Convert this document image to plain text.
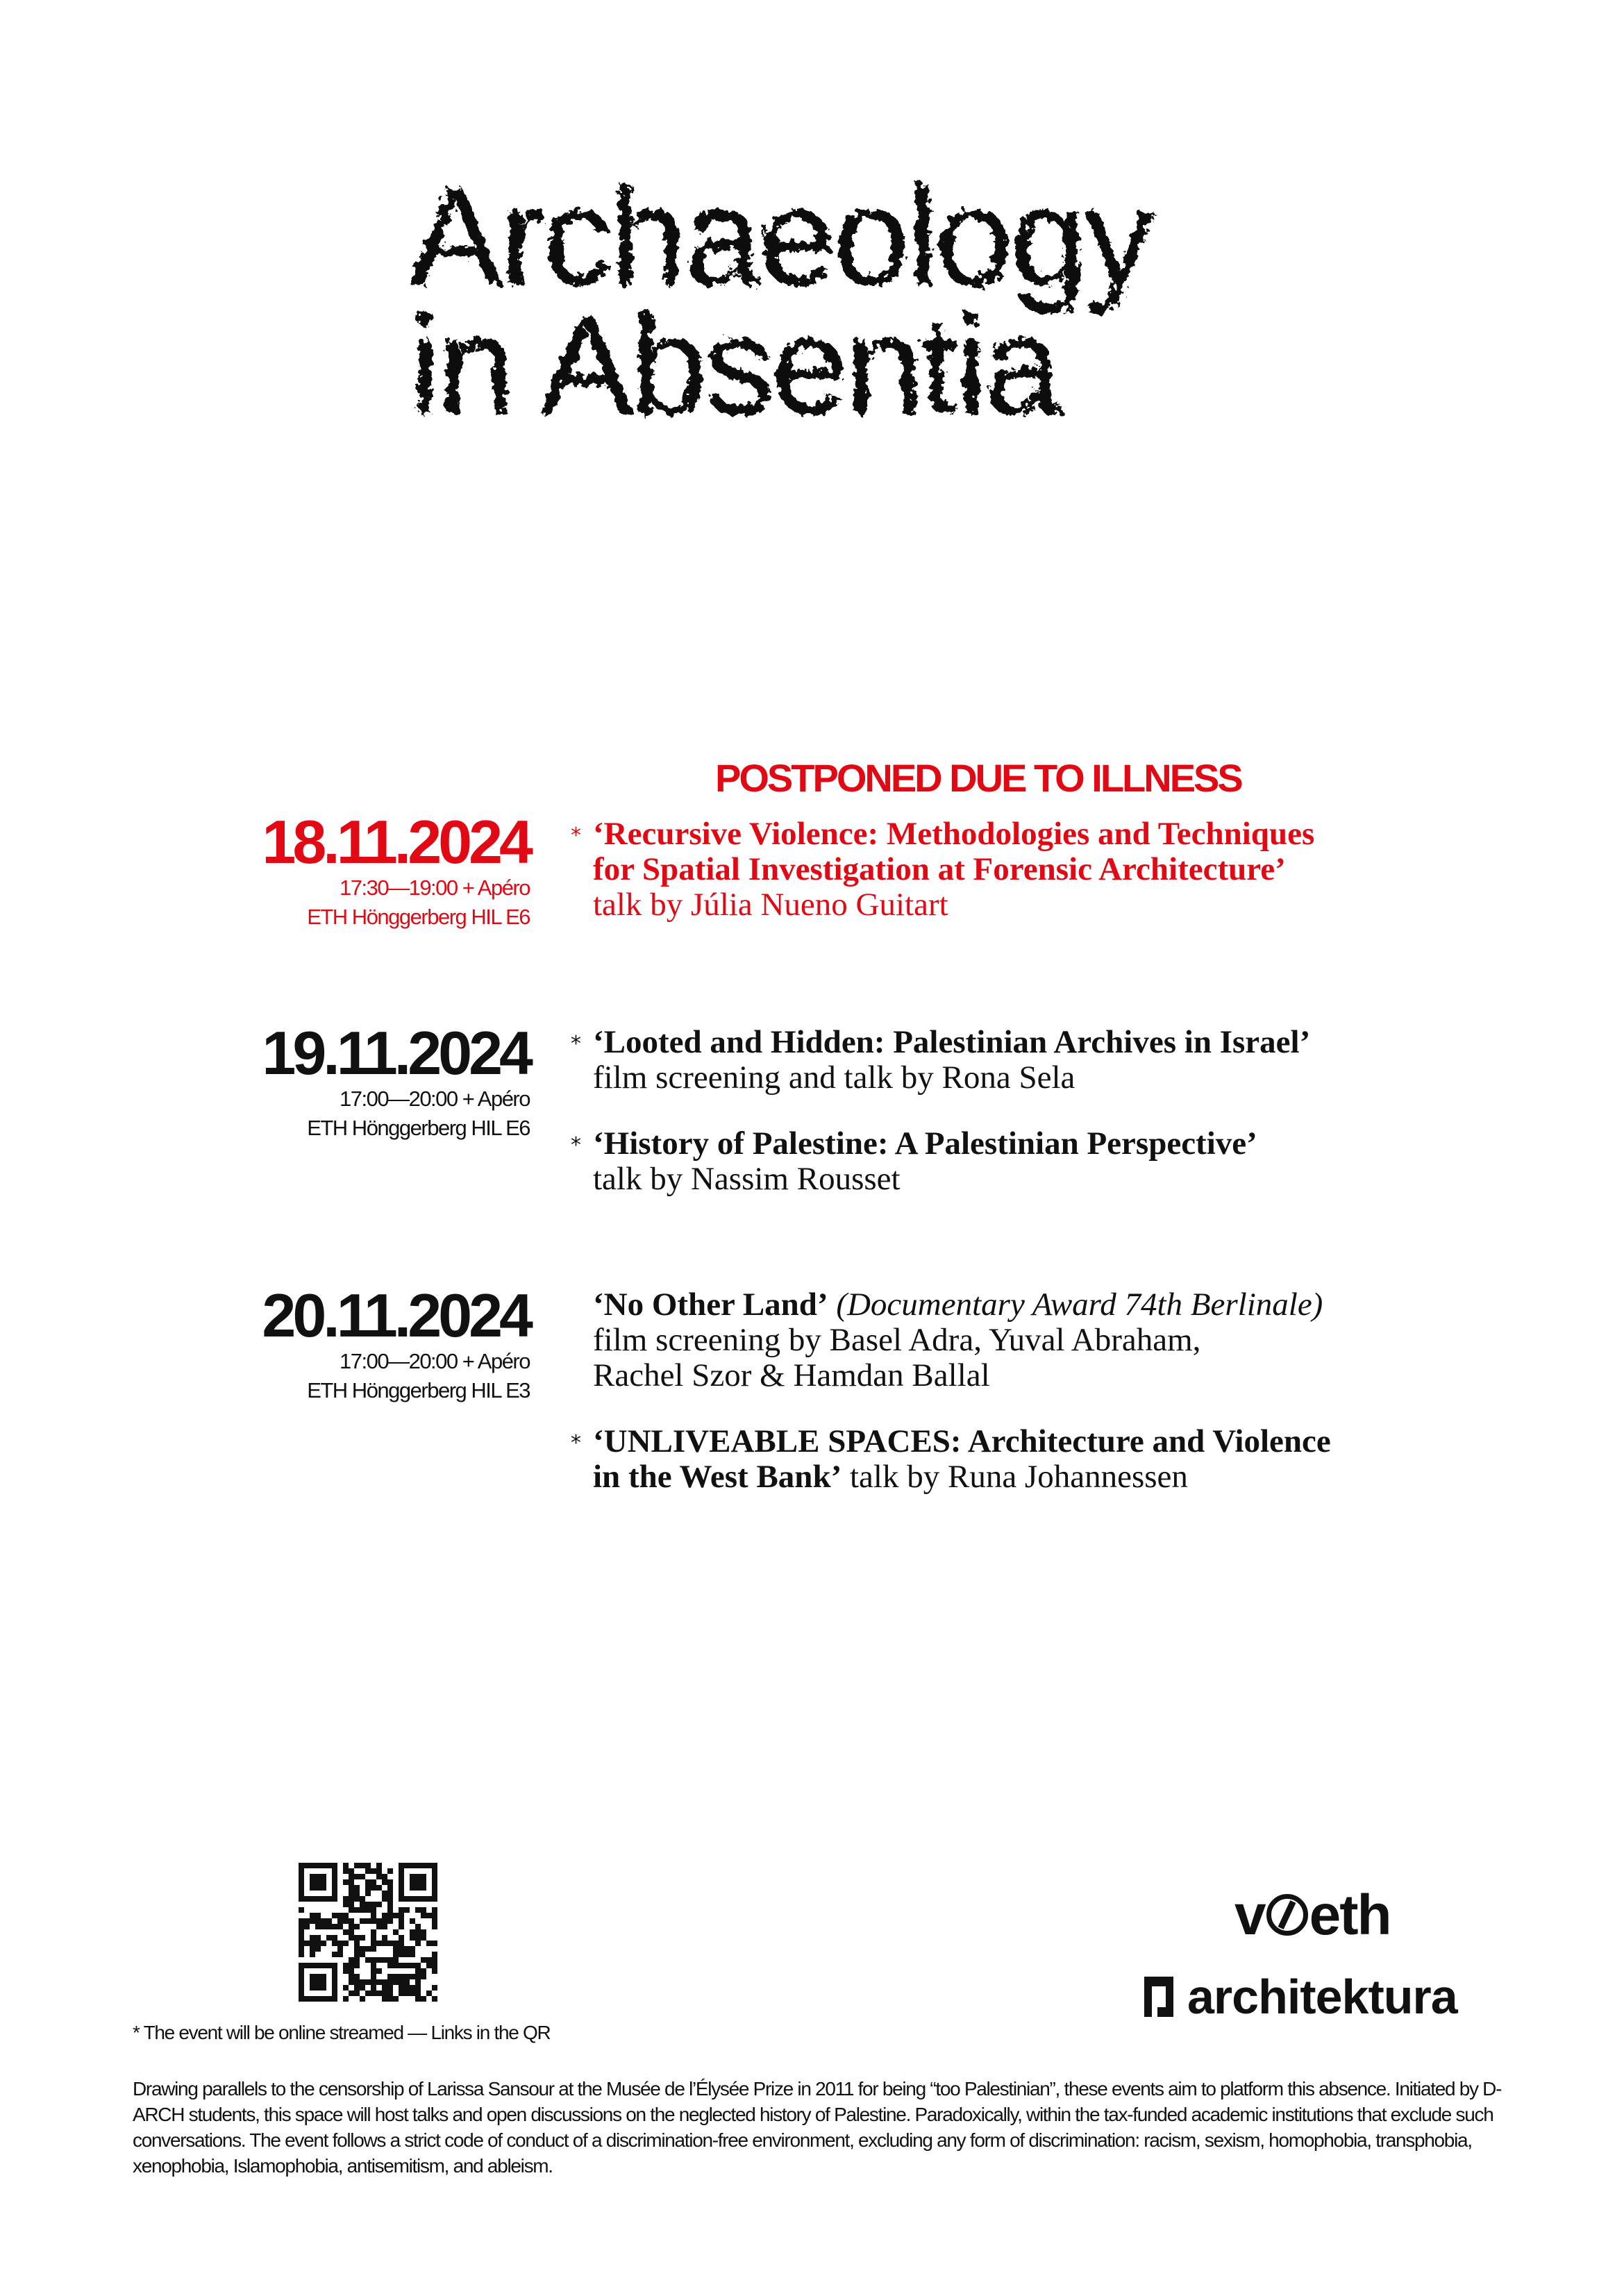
Archaeology
in Absentia
POSTPONED DUE TO ILLNESS
18.11.2024
17:30—19:00 + Apéro
ETH Hönggerberg HIL E6
* ‘Recursive Violence: Methodologies and Techniques
for Spatial Investigation at Forensic Architecture’
talk by Júlia Nueno Guitart
19.11.2024
17:00—20:00 + Apéro
ETH Hönggerberg HIL E6
* ‘Looted and Hidden: Palestinian Archives in Israel’
film screening and talk by Rona Sela
* ‘History of Palestine: A Palestinian Perspective’
talk by Nassim Rousset
20.11.2024
17:00—20:00 + Apéro
ETH Hönggerberg HIL E3
‘No Other Land’ (Documentary Award 74th Berlinale)
film screening by Basel Adra, Yuval Abraham,
Rachel Szor & Hamdan Ballal
* ‘UNLIVEABLE SPACES: Architecture and Violence
in the West Bank’ talk by Runa Johannessen
* The event will be online streamed — Links in the QR
Drawing parallels to the censorship of Larissa Sansour at the Musée de l’Élysée Prize in 2011 for being “too Palestinian”, these events aim to platform this absence. Initiated by D-ARCH students, this space will host talks and open discussions on the neglected history of Palestine. Paradoxically, within the tax-funded academic institutions that exclude such conversations. The event follows a strict code of conduct of a discrimination-free environment, excluding any form of discrimination: racism, sexism, homophobia, transphobia, xenophobia, Islamophobia, antisemitism, and ableism.
v eth
architektura
